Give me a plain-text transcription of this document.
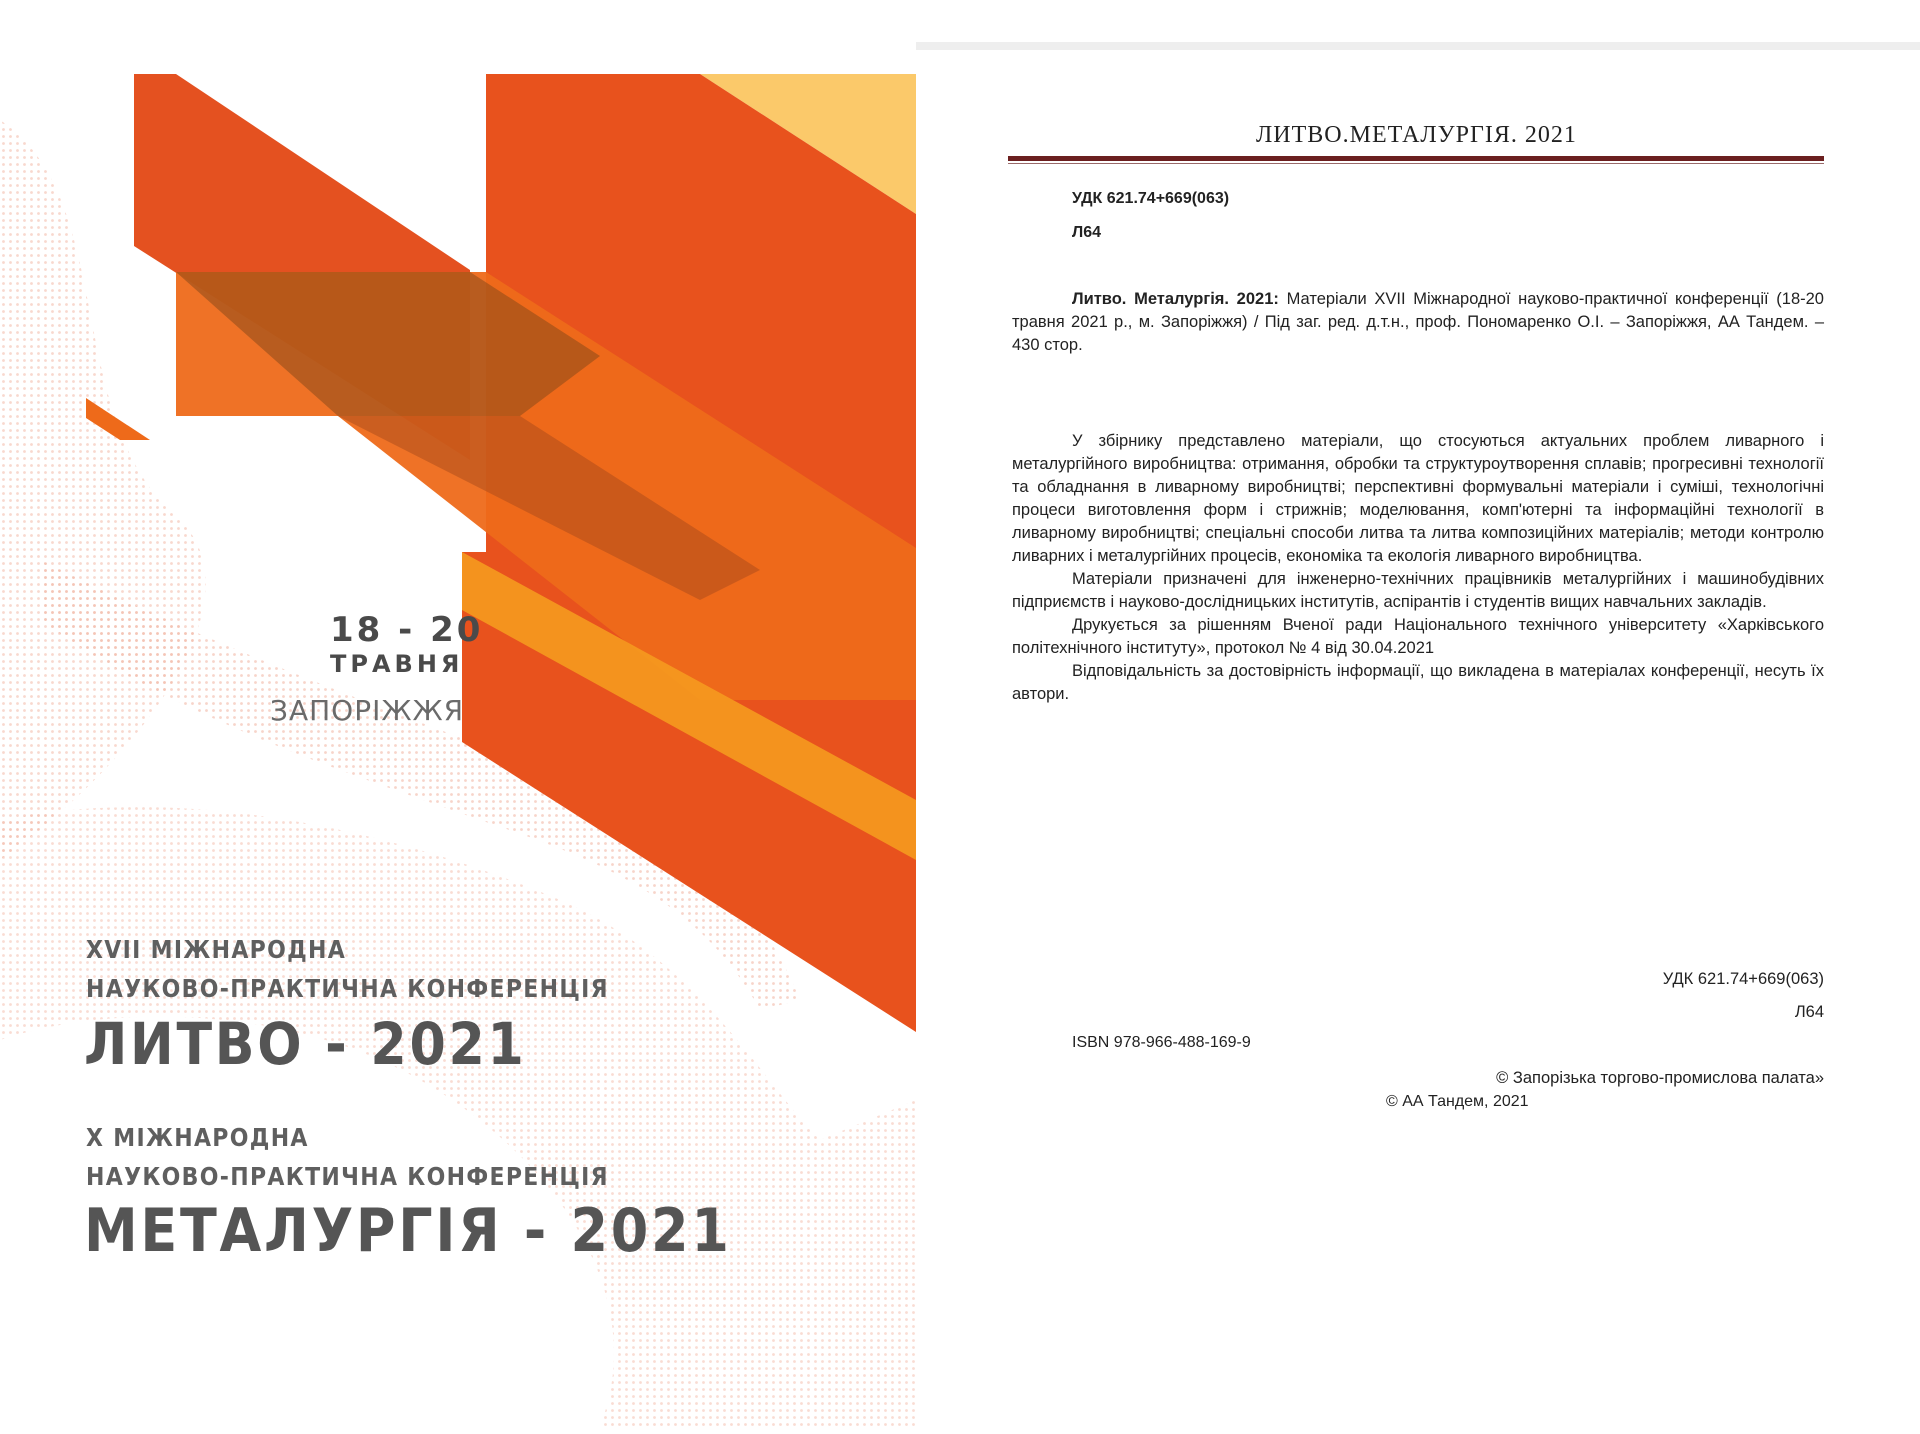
18 - 20
ТРАВНЯ
ЗАПОРІЖЖЯ
XVII МІЖНАРОДНА
НАУКОВО-ПРАКТИЧНА КОНФЕРЕНЦІЯ
ЛИТВО - 2021
X МІЖНАРОДНА
НАУКОВО-ПРАКТИЧНА КОНФЕРЕНЦІЯ
МЕТАЛУРГІЯ - 2021
ЛИТВО.МЕТАЛУРГІЯ. 2021
УДК 621.74+669(063)
Л64

Литво. Металургія. 2021: Матеріали XVII Міжнародної науково-практичної конференції (18-20 травня 2021 р., м. Запоріжжя) / Під заг. ред. д.т.н., проф. Пономаренко О.І. – Запоріжжя, АА Тандем. – 430 стор.

У збірнику представлено матеріали, що стосуються актуальних проблем ливарного і металургійного виробництва: отримання, обробки та структуроутворення сплавів; прогресивні технології та обладнання в ливарному виробництві; перспективні формувальні матеріали і суміші, технологічні процеси виготовлення форм і стрижнів; моделювання, комп'ютерні та інформаційні технології в ливарному виробництві; спеціальні способи литва та литва композиційних матеріалів; методи контролю ливарних і металургійних процесів, економіка та екологія ливарного виробництва.

Матеріали призначені для інженерно-технічних працівників металургійних і машинобудівних підприємств і науково-дослідницьких інститутів, аспірантів і студентів вищих навчальних закладів.

Друкується за рішенням Вченої ради Національного технічного університету «Харківського політехнічного інституту», протокол № 4 від 30.04.2021

Відповідальність за достовірність інформації, що викладена в матеріалах конференції, несуть їх автори.

УДК 621.74+669(063)
Л64
ISBN 978-966-488-169-9
© Запорізька торгово-промислова палата»
© АА Тандем, 2021
